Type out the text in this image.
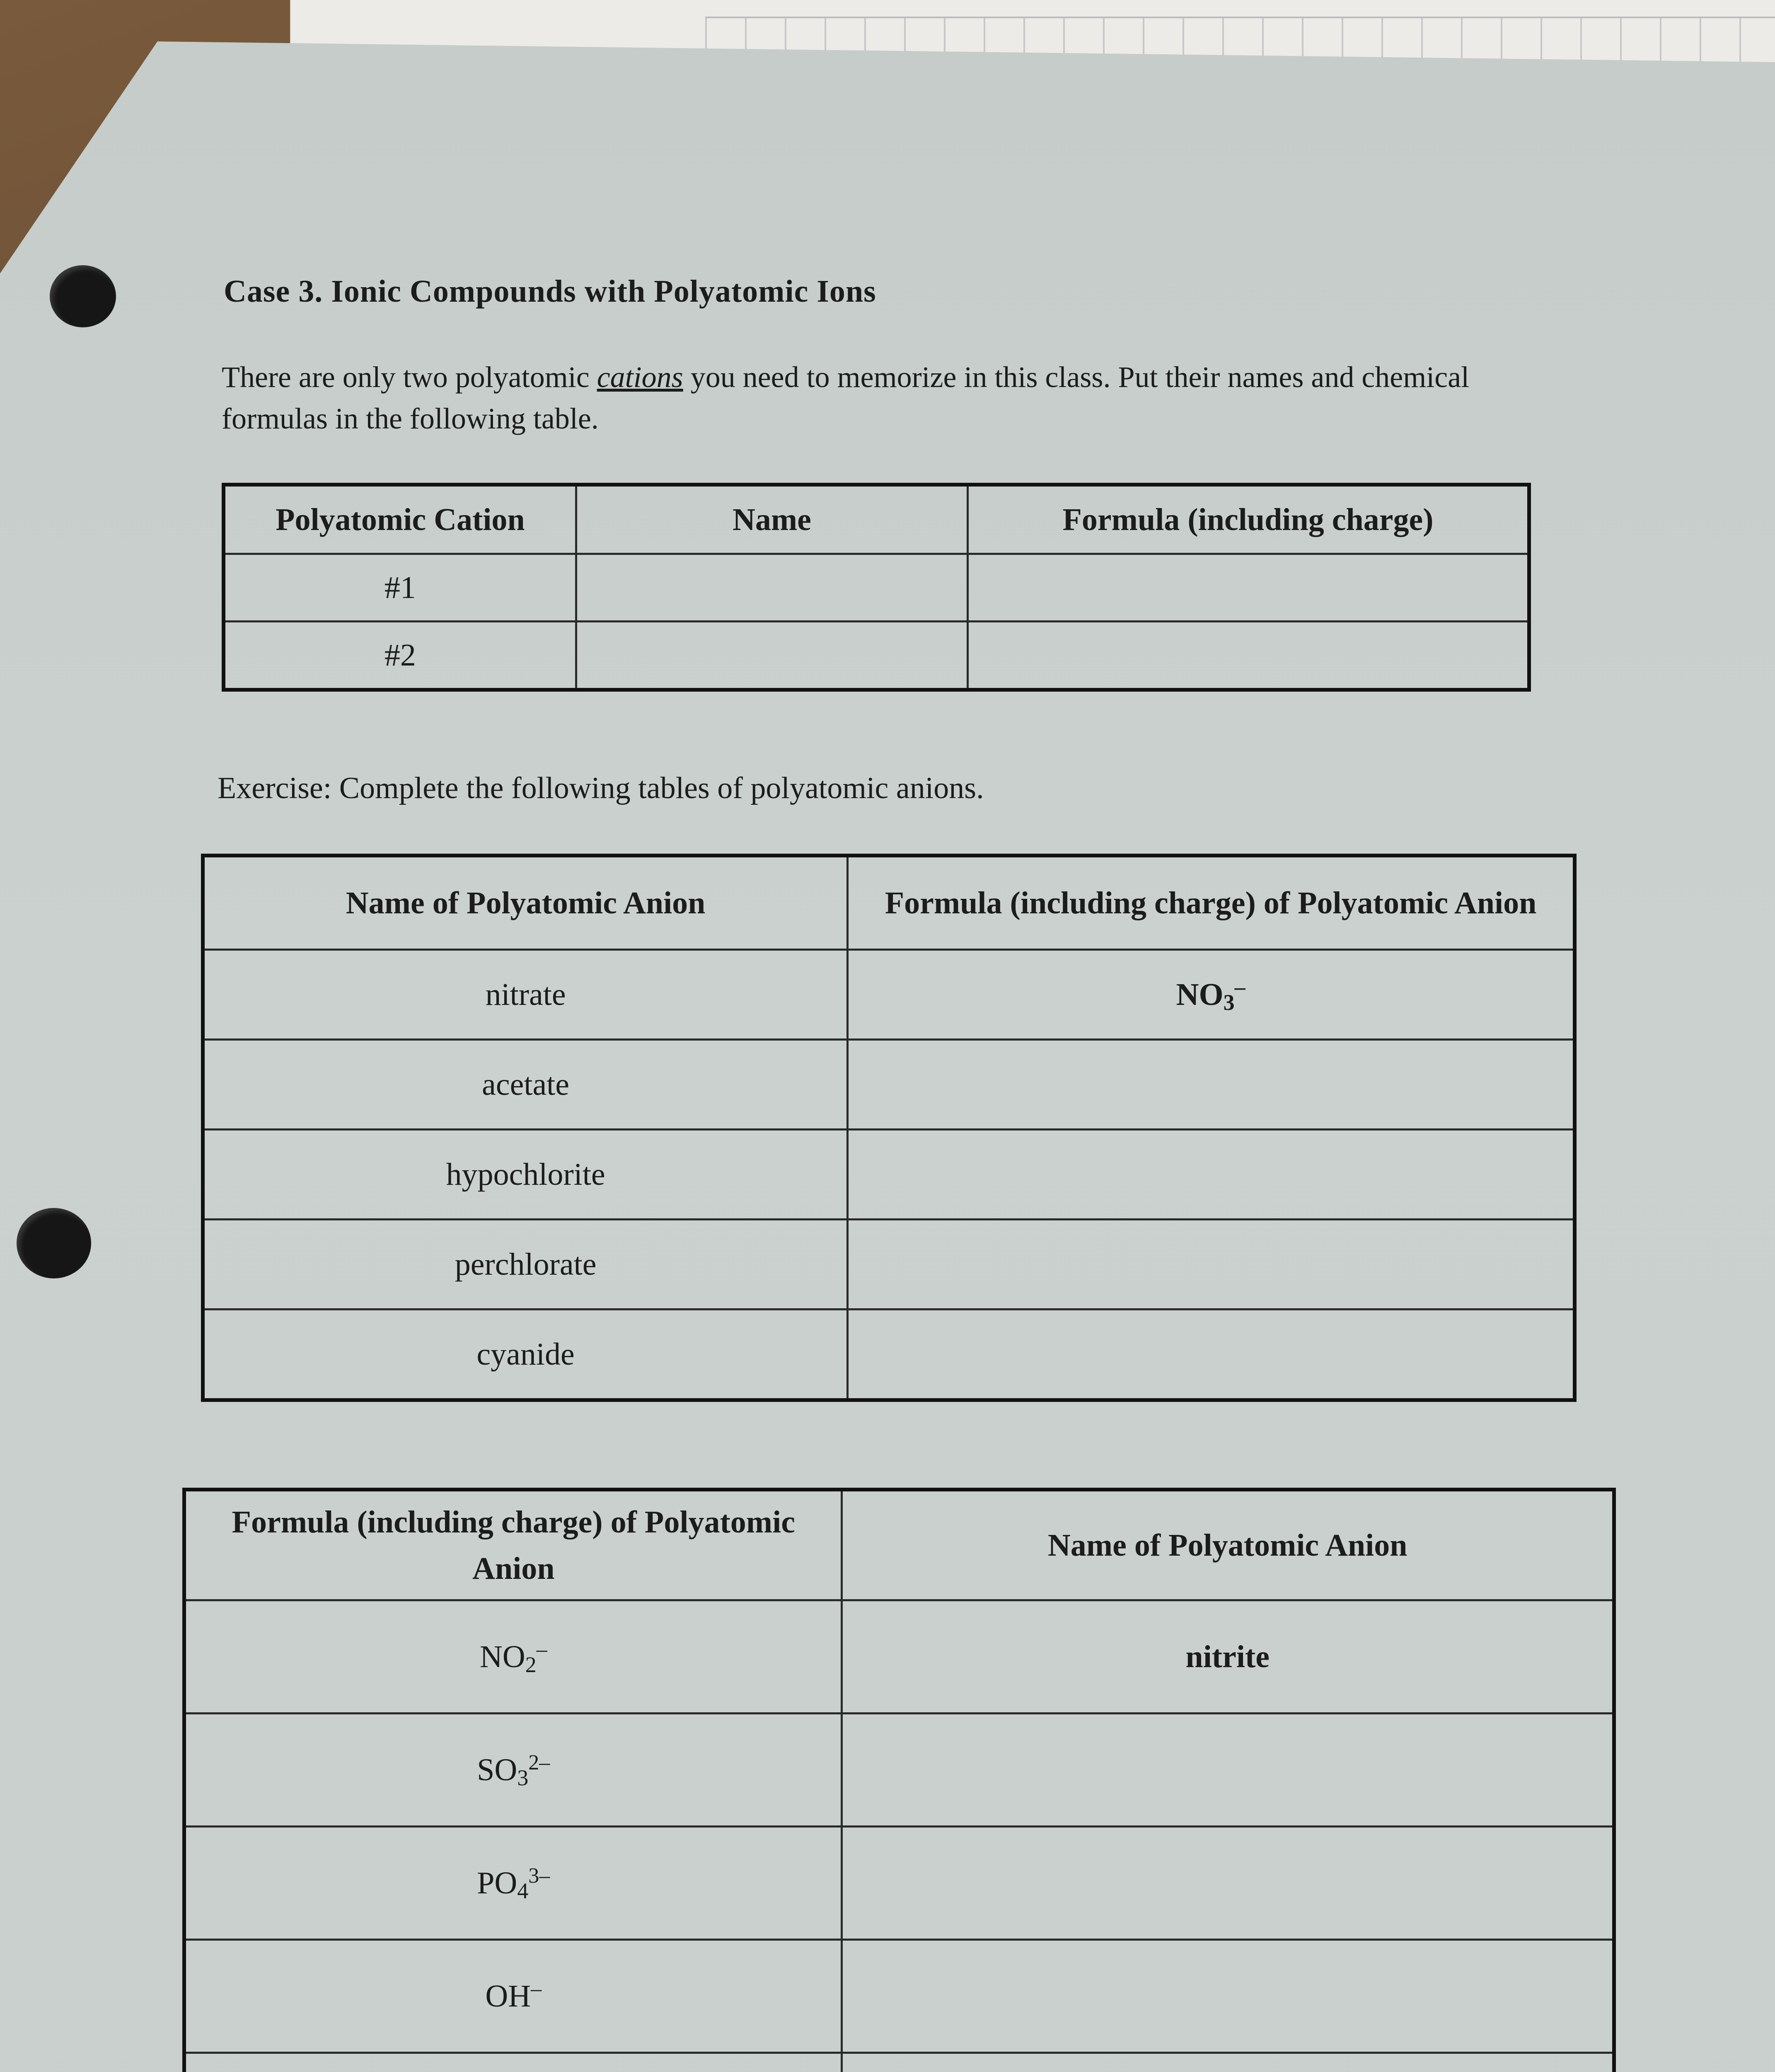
Case 3. Ionic Compounds with Polyatomic Ions
There are only two polyatomic cations you need to memorize in this class. Put their names and chemical formulas in the following table.
Polyatomic Cation	Name	Formula (including charge)
#1		
#2		
Exercise: Complete the following tables of polyatomic anions.
Name of Polyatomic Anion	Formula (including charge) of Polyatomic Anion
nitrate	$NO_3^-$
acetate	
hypochlorite	
perchlorate	
cyanide	
Formula (including charge) of Polyatomic Anion	Name of Polyatomic Anion
$NO_2^-$	nitrite
$SO_3^{2-}$	
$PO_4^{3-}$	
OH–	
